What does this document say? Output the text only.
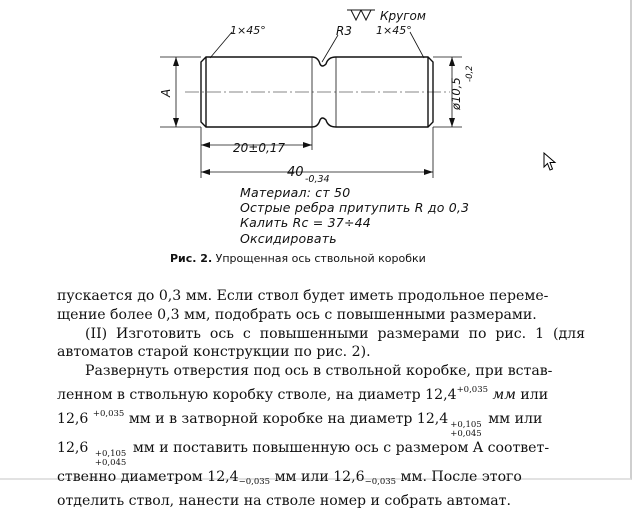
Кругом
1×45°	R3 1×45°
A	ø10,5
-0,2
20±0,17
40 -0,34
Материал: ст 50
Острые ребра притупить R до 0,3
Калить Rc = 37÷44
Оксидировать
Рис. 2. Упрощенная ось ствольной коробки

пускается до 0,3 мм. Если ствол будет иметь продольное переме-

щение более 0,3 мм, подобрать ось с повышенными размерами.

(II) Изготовить ось с повышенными размерами по рис. 1 (для автоматов старой конструкции по рис. 2).

Развернуть отверстия под ось в ствольной коробке, при встав-

ленном в ствольную коробку стволе, на диаметр $12,4^{+0,035}$ мм или

12,6 $^{+0,035}$ мм и в затворной коробке на диаметр 12,4 +0,105
+0,045
мм или

12,6 +0,105
+0,045
мм и поставить повышенную ось с размером A соответ-

ственно диаметром $12,4_{-0,035}$ мм или $12,6_{-0,035}$ мм. После этого

отделить ствол, нанести на стволе номер и собрать автомат.
